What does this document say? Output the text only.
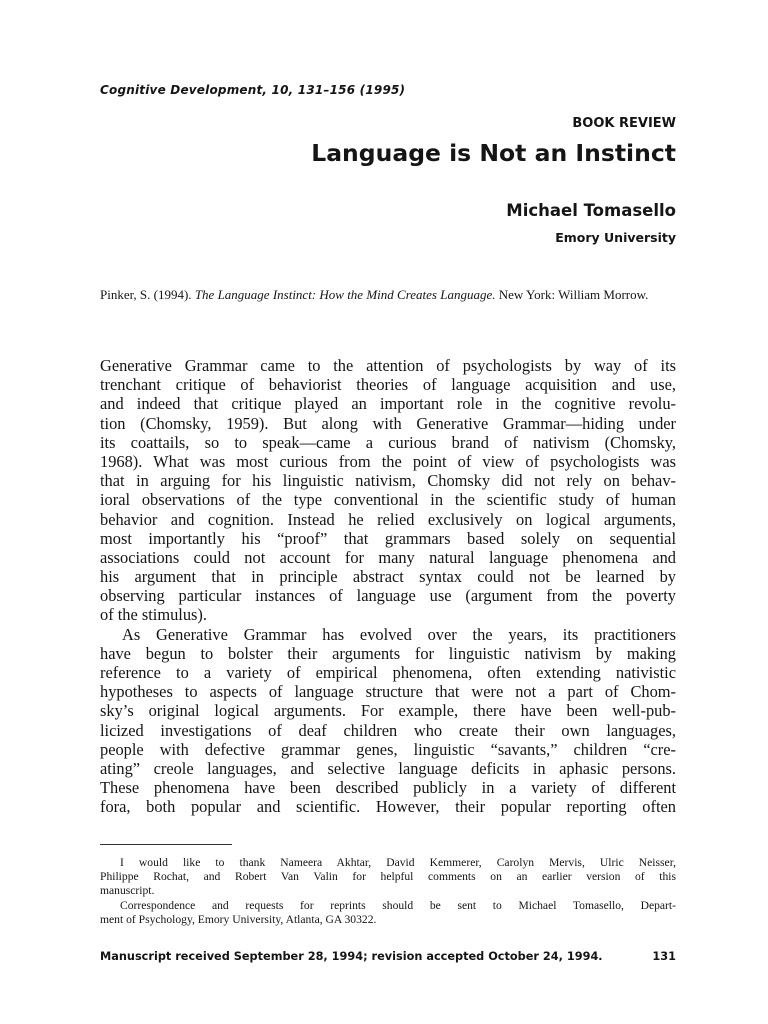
Cognitive Development, 10, 131–156 (1995)
BOOK REVIEW
Language is Not an Instinct
Michael Tomasello
Emory University
Pinker, S. (1994). The Language Instinct: How the Mind Creates Language. New York: William Morrow.
Generative Grammar came to the attention of psychologists by way of its
trenchant critique of behaviorist theories of language acquisition and use,
and indeed that critique played an important role in the cognitive revolu-
tion (Chomsky, 1959). But along with Generative Grammar—hiding under
its coattails, so to speak—came a curious brand of nativism (Chomsky,
1968). What was most curious from the point of view of psychologists was
that in arguing for his linguistic nativism, Chomsky did not rely on behav-
ioral observations of the type conventional in the scientific study of human
behavior and cognition. Instead he relied exclusively on logical arguments,
most importantly his “proof” that grammars based solely on sequential
associations could not account for many natural language phenomena and
his argument that in principle abstract syntax could not be learned by
observing particular instances of language use (argument from the poverty
of the stimulus).
As Generative Grammar has evolved over the years, its practitioners
have begun to bolster their arguments for linguistic nativism by making
reference to a variety of empirical phenomena, often extending nativistic
hypotheses to aspects of language structure that were not a part of Chom-
sky’s original logical arguments. For example, there have been well-pub-
licized investigations of deaf children who create their own languages,
people with defective grammar genes, linguistic “savants,” children “cre-
ating” creole languages, and selective language deficits in aphasic persons.
These phenomena have been described publicly in a variety of different
fora, both popular and scientific. However, their popular reporting often
I would like to thank Nameera Akhtar, David Kemmerer, Carolyn Mervis, Ulric Neisser,
Philippe Rochat, and Robert Van Valin for helpful comments on an earlier version of this
manuscript.
Correspondence and requests for reprints should be sent to Michael Tomasello, Depart-
ment of Psychology, Emory University, Atlanta, GA 30322.
Manuscript received September 28, 1994; revision accepted October 24, 1994.	131
